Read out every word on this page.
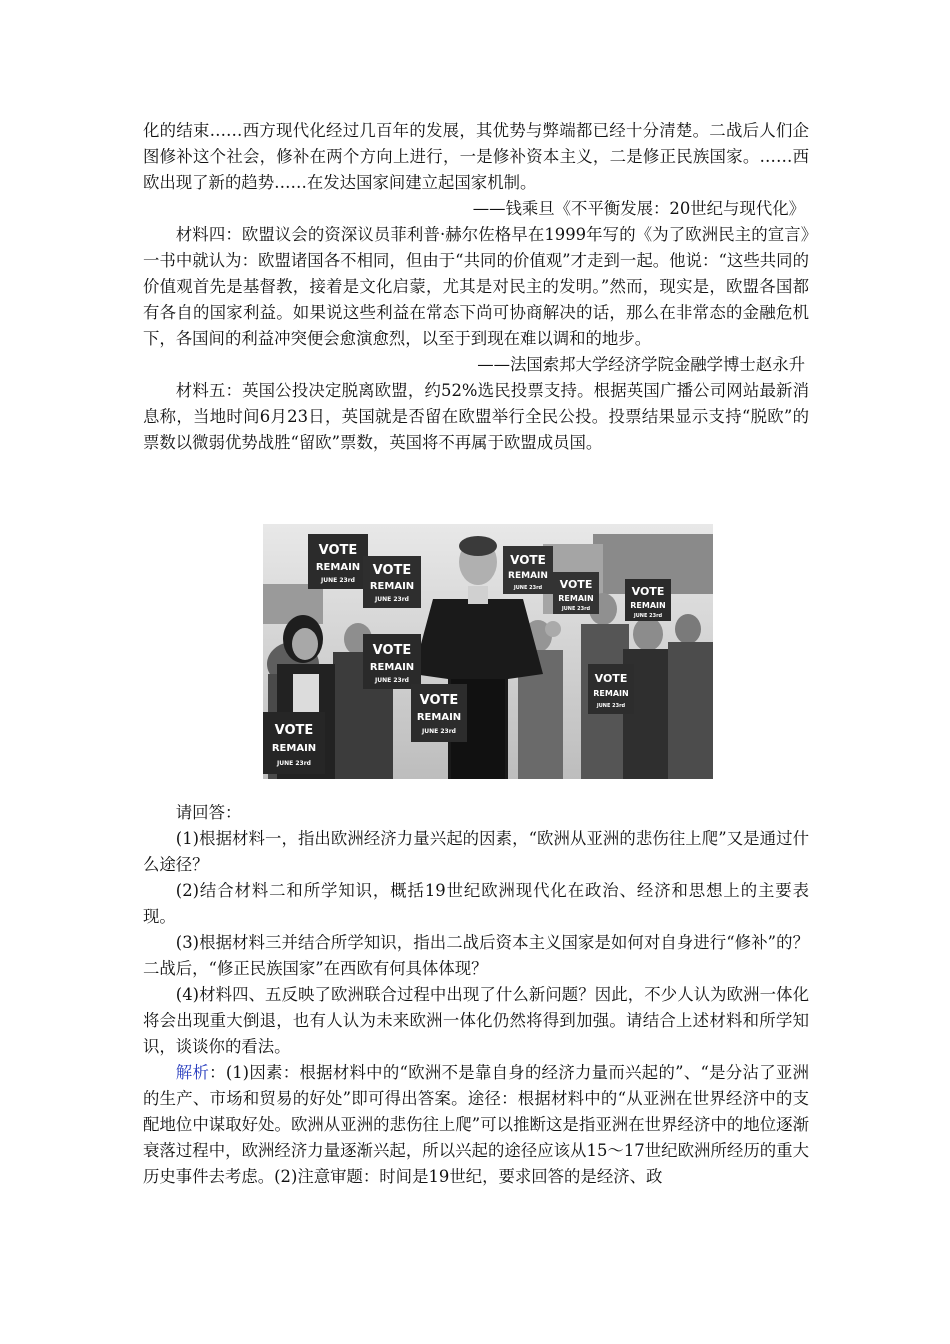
化的结束……西方现代化经过几百年的发展，其优势与弊端都已经十分清楚。二战后人们企图修补这个社会，修补在两个方向上进行，一是修补资本主义，二是修正民族国家。……西欧出现了新的趋势……在发达国家间建立起国家机制。

——钱乘旦《不平衡发展：20世纪与现代化》

材料四：欧盟议会的资深议员菲利普·赫尔佐格早在1999年写的《为了欧洲民主的宣言》一书中就认为：欧盟诸国各不相同，但由于“共同的价值观”才走到一起。他说：“这些共同的价值观首先是基督教，接着是文化启蒙，尤其是对民主的发明。”然而，现实是，欧盟各国都有各自的国家利益。如果说这些利益在常态下尚可协商解决的话，那么在非常态的金融危机下，各国间的利益冲突便会愈演愈烈，以至于到现在难以调和的地步。

——法国索邦大学经济学院金融学博士赵永升

材料五：英国公投决定脱离欧盟，约52%选民投票支持。根据英国广播公司网站最新消息称，当地时间6月23日，英国就是否留在欧盟举行全民公投。投票结果显示支持“脱欧”的票数以微弱优势战胜“留欧”票数，英国将不再属于欧盟成员国。

VOTE
REMAIN
JUNE 23rd
VOTE
REMAIN
JUNE 23rd
VOTE
REMAIN
JUNE 23rd VOTE
REMAIN
JUNE 23rd
VOTE
REMAIN
JUNE 23rd
VOTE
REMAIN
JUNE 23rd
VOTE
REMAIN
JUNE 23rd
VOTE
REMAIN
JUNE 23rd
VOTE
REMAIN
JUNE 23rd

请回答：

(1)根据材料一，指出欧洲经济力量兴起的因素，“欧洲从亚洲的悲伤往上爬”又是通过什么途径？

(2)结合材料二和所学知识，概括19世纪欧洲现代化在政治、经济和思想上的主要表现。

(3)根据材料三并结合所学知识，指出二战后资本主义国家是如何对自身进行“修补”的？二战后，“修正民族国家”在西欧有何具体体现？

(4)材料四、五反映了欧洲联合过程中出现了什么新问题？因此，不少人认为欧洲一体化将会出现重大倒退，也有人认为未来欧洲一体化仍然将得到加强。请结合上述材料和所学知识，谈谈你的看法。

解析：(1)因素：根据材料中的“欧洲不是靠自身的经济力量而兴起的”、“是分沾了亚洲的生产、市场和贸易的好处”即可得出答案。途径：根据材料中的“从亚洲在世界经济中的支配地位中谋取好处。欧洲从亚洲的悲伤往上爬”可以推断这是指亚洲在世界经济中的地位逐渐衰落过程中，欧洲经济力量逐渐兴起，所以兴起的途径应该从15～17世纪欧洲所经历的重大历史事件去考虑。(2)注意审题：时间是19世纪，要求回答的是经济、政
